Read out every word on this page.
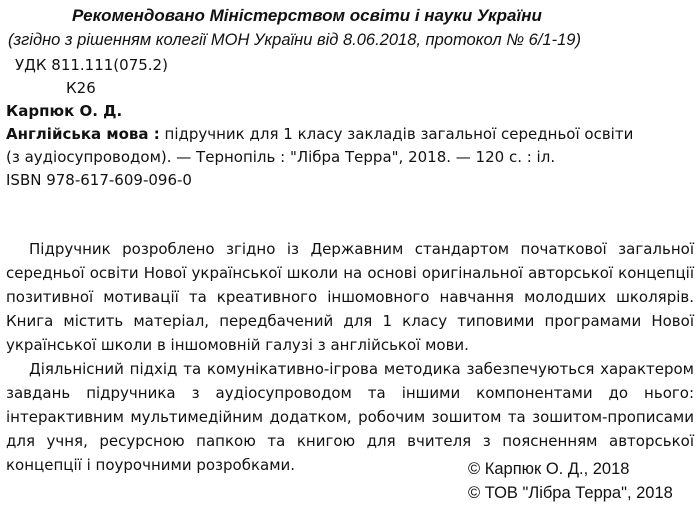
Рекомендовано Міністерством освіти і науки України
(згідно з рішенням колегії МОН України від 8.06.2018, протокол № 6/1-19)
УДК 811.111(075.2)
К26
Карпюк О. Д.
Англійська мова : підручник для 1 класу закладів загальної середньої освіти
(з аудіосупроводом). — Тернопіль : "Лібра Терра", 2018. — 120 с. : іл.
ISBN 978-617-609-096-0

Підручник розроблено згідно із Державним стандартом початкової загальної середньої освіти Нової української школи на основі оригінальної авторської концепції позитивної мотивації та креативного іншомовного навчання молодших школярів. Книга містить матеріал, передбачений для 1 класу типовими програмами Нової української школи в іншомовній галузі з англійської мови.

Діяльнісний підхід та комунікативно-ігрова методика забезпечуються характером завдань підручника з аудіосупроводом та іншими компонентами до нього: інтерактивним мультимедійним додатком, робочим зошитом та зошитом-прописами для учня, ресурсною папкою та книгою для вчителя з поясненням авторської концепції і поурочними розробками.	© Карпюк О. Д., 2018
© ТОВ "Лібра Терра", 2018
